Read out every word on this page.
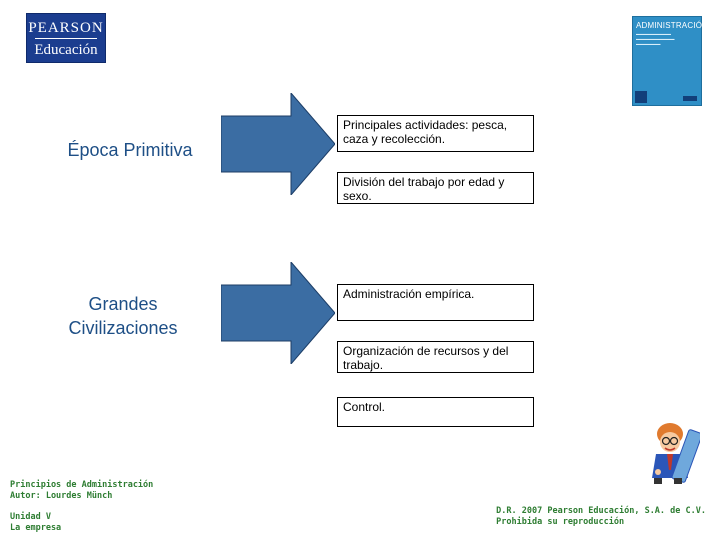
PEARSON
Educación
ADMINISTRACIÓN
▬▬▬▬▬▬▬▬▬▬
▬▬▬▬▬▬▬▬▬▬▬
▬▬▬▬▬▬▬
Época Primitiva
Grandes
Civilizaciones
Principales actividades: pesca, caza y recolección.
División del trabajo por edad y sexo.
Administración empírica.
Organización de recursos y del trabajo.
Control.
Principios de Administración
Autor: Lourdes Münch
Unidad V
La empresa
D.R. 2007 Pearson Educación, S.A. de C.V.
Prohibida su reproducción
